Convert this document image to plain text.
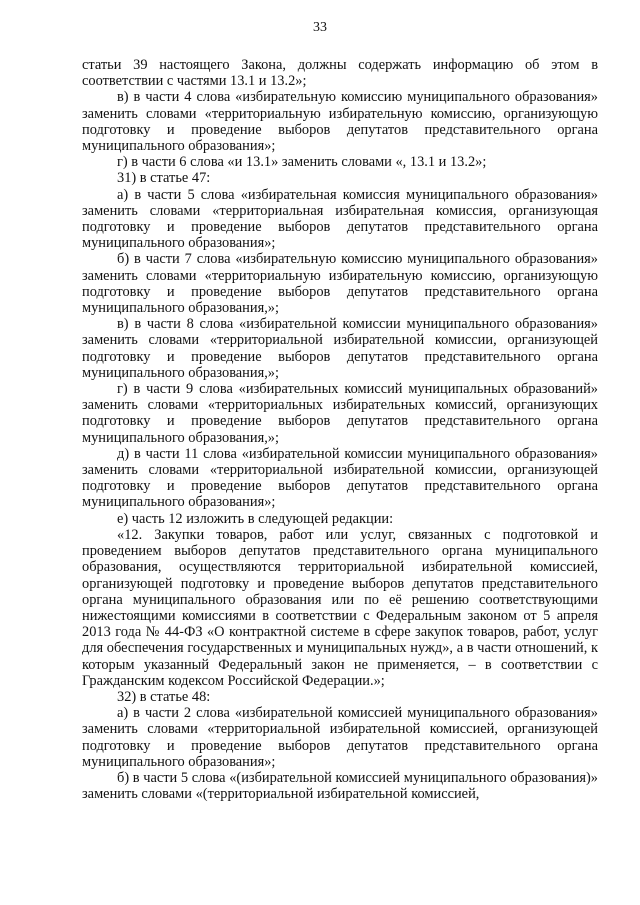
33

статьи 39 настоящего Закона, должны содержать информацию об этом в соответствии с частями 13.1 и 13.2»;

в) в части 4 слова «избирательную комиссию муниципального образования» заменить словами «территориальную избирательную комиссию, организующую подготовку и проведение выборов депутатов представительного органа муниципального образования»;

г) в части 6 слова «и 13.1» заменить словами «, 13.1 и 13.2»;

31) в статье 47:

а) в части 5 слова «избирательная комиссия муниципального образования» заменить словами «территориальная избирательная комиссия, организующая подготовку и проведение выборов депутатов представительного органа муниципального образования»;

б) в части 7 слова «избирательную комиссию муниципального образования» заменить словами «территориальную избирательную комиссию, организующую подготовку и проведение выборов депутатов представительного органа муниципального образования,»;

в) в части 8 слова «избирательной комиссии муниципального образования» заменить словами «территориальной избирательной комиссии, организующей подготовку и проведение выборов депутатов представительного органа муниципального образования,»;

г) в части 9 слова «избирательных комиссий муниципальных образований» заменить словами «территориальных избирательных комиссий, организующих подготовку и проведение выборов депутатов представительного органа муниципального образования,»;

д) в части 11 слова «избирательной комиссии муниципального образования» заменить словами «территориальной избирательной комиссии, организующей подготовку и проведение выборов депутатов представительного органа муниципального образования»;

е) часть 12 изложить в следующей редакции:

«12. Закупки товаров, работ или услуг, связанных с подготовкой и проведением выборов депутатов представительного органа муниципального образования, осуществляются территориальной избирательной комиссией, организующей подготовку и проведение выборов депутатов представительного органа муниципального образования или по её решению соответствующими нижестоящими комиссиями в соответствии с Федеральным законом от 5 апреля 2013 года № 44-ФЗ «О контрактной системе в сфере закупок товаров, работ, услуг для обеспечения государственных и муниципальных нужд», а в части отношений, к которым указанный Федеральный закон не применяется, – в соответствии с Гражданским кодексом Российской Федерации.»;

32) в статье 48:

а) в части 2 слова «избирательной комиссией муниципального образования» заменить словами «территориальной избирательной комиссией, организующей подготовку и проведение выборов депутатов представительного органа муниципального образования»;

б) в части 5 слова «(избирательной комиссией муниципального образования)» заменить словами «(территориальной избирательной комиссией,
